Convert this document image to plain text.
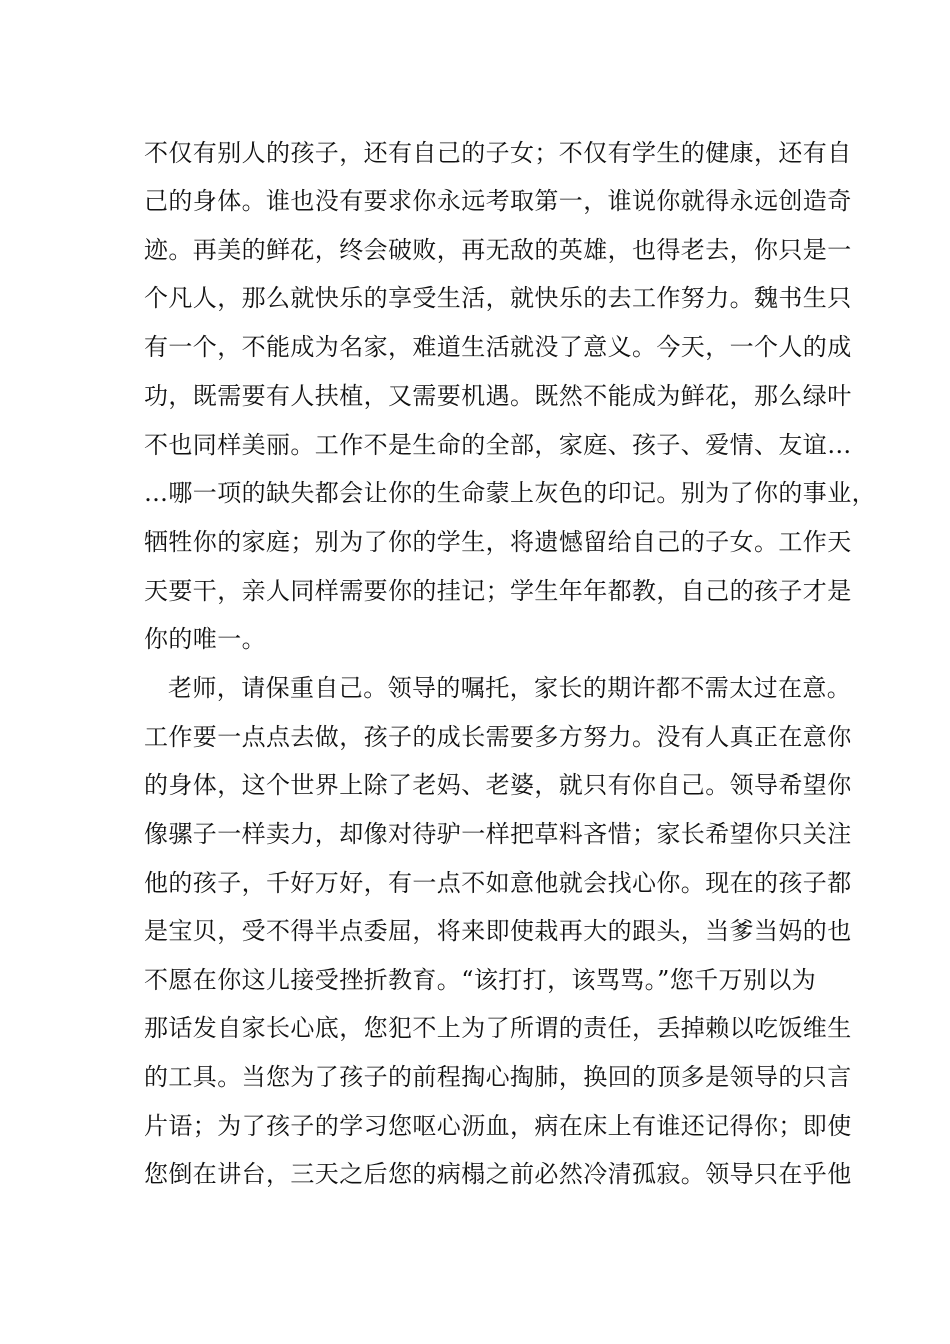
不仅有别人的孩子，还有自己的子女；不仅有学生的健康，还有自
己的身体。谁也没有要求你永远考取第一，谁说你就得永远创造奇
迹。再美的鲜花，终会破败，再无敌的英雄，也得老去，你只是一
个凡人，那么就快乐的享受生活，就快乐的去工作努力。魏书生只
有一个，不能成为名家，难道生活就没了意义。今天，一个人的成
功，既需要有人扶植，又需要机遇。既然不能成为鲜花，那么绿叶
不也同样美丽。工作不是生命的全部，家庭、孩子、爱情、友谊…
…哪一项的缺失都会让你的生命蒙上灰色的印记。别为了你的事业，
牺牲你的家庭；别为了你的学生，将遗憾留给自己的子女。工作天
天要干，亲人同样需要你的挂记；学生年年都教，自己的孩子才是
你的唯一。
老师，请保重自己。领导的嘱托，家长的期许都不需太过在意。
工作要一点点去做，孩子的成长需要多方努力。没有人真正在意你
的身体，这个世界上除了老妈、老婆，就只有你自己。领导希望你
像骡子一样卖力，却像对待驴一样把草料吝惜；家长希望你只关注
他的孩子，千好万好，有一点不如意他就会找心你。现在的孩子都
是宝贝，受不得半点委屈，将来即使栽再大的跟头，当爹当妈的也
不愿在你这儿接受挫折教育。“该打打，该骂骂。”您千万别以为
那话发自家长心底，您犯不上为了所谓的责任，丢掉赖以吃饭维生
的工具。当您为了孩子的前程掏心掏肺，换回的顶多是领导的只言
片语；为了孩子的学习您呕心沥血，病在床上有谁还记得你；即使
您倒在讲台，三天之后您的病榻之前必然冷清孤寂。领导只在乎他
